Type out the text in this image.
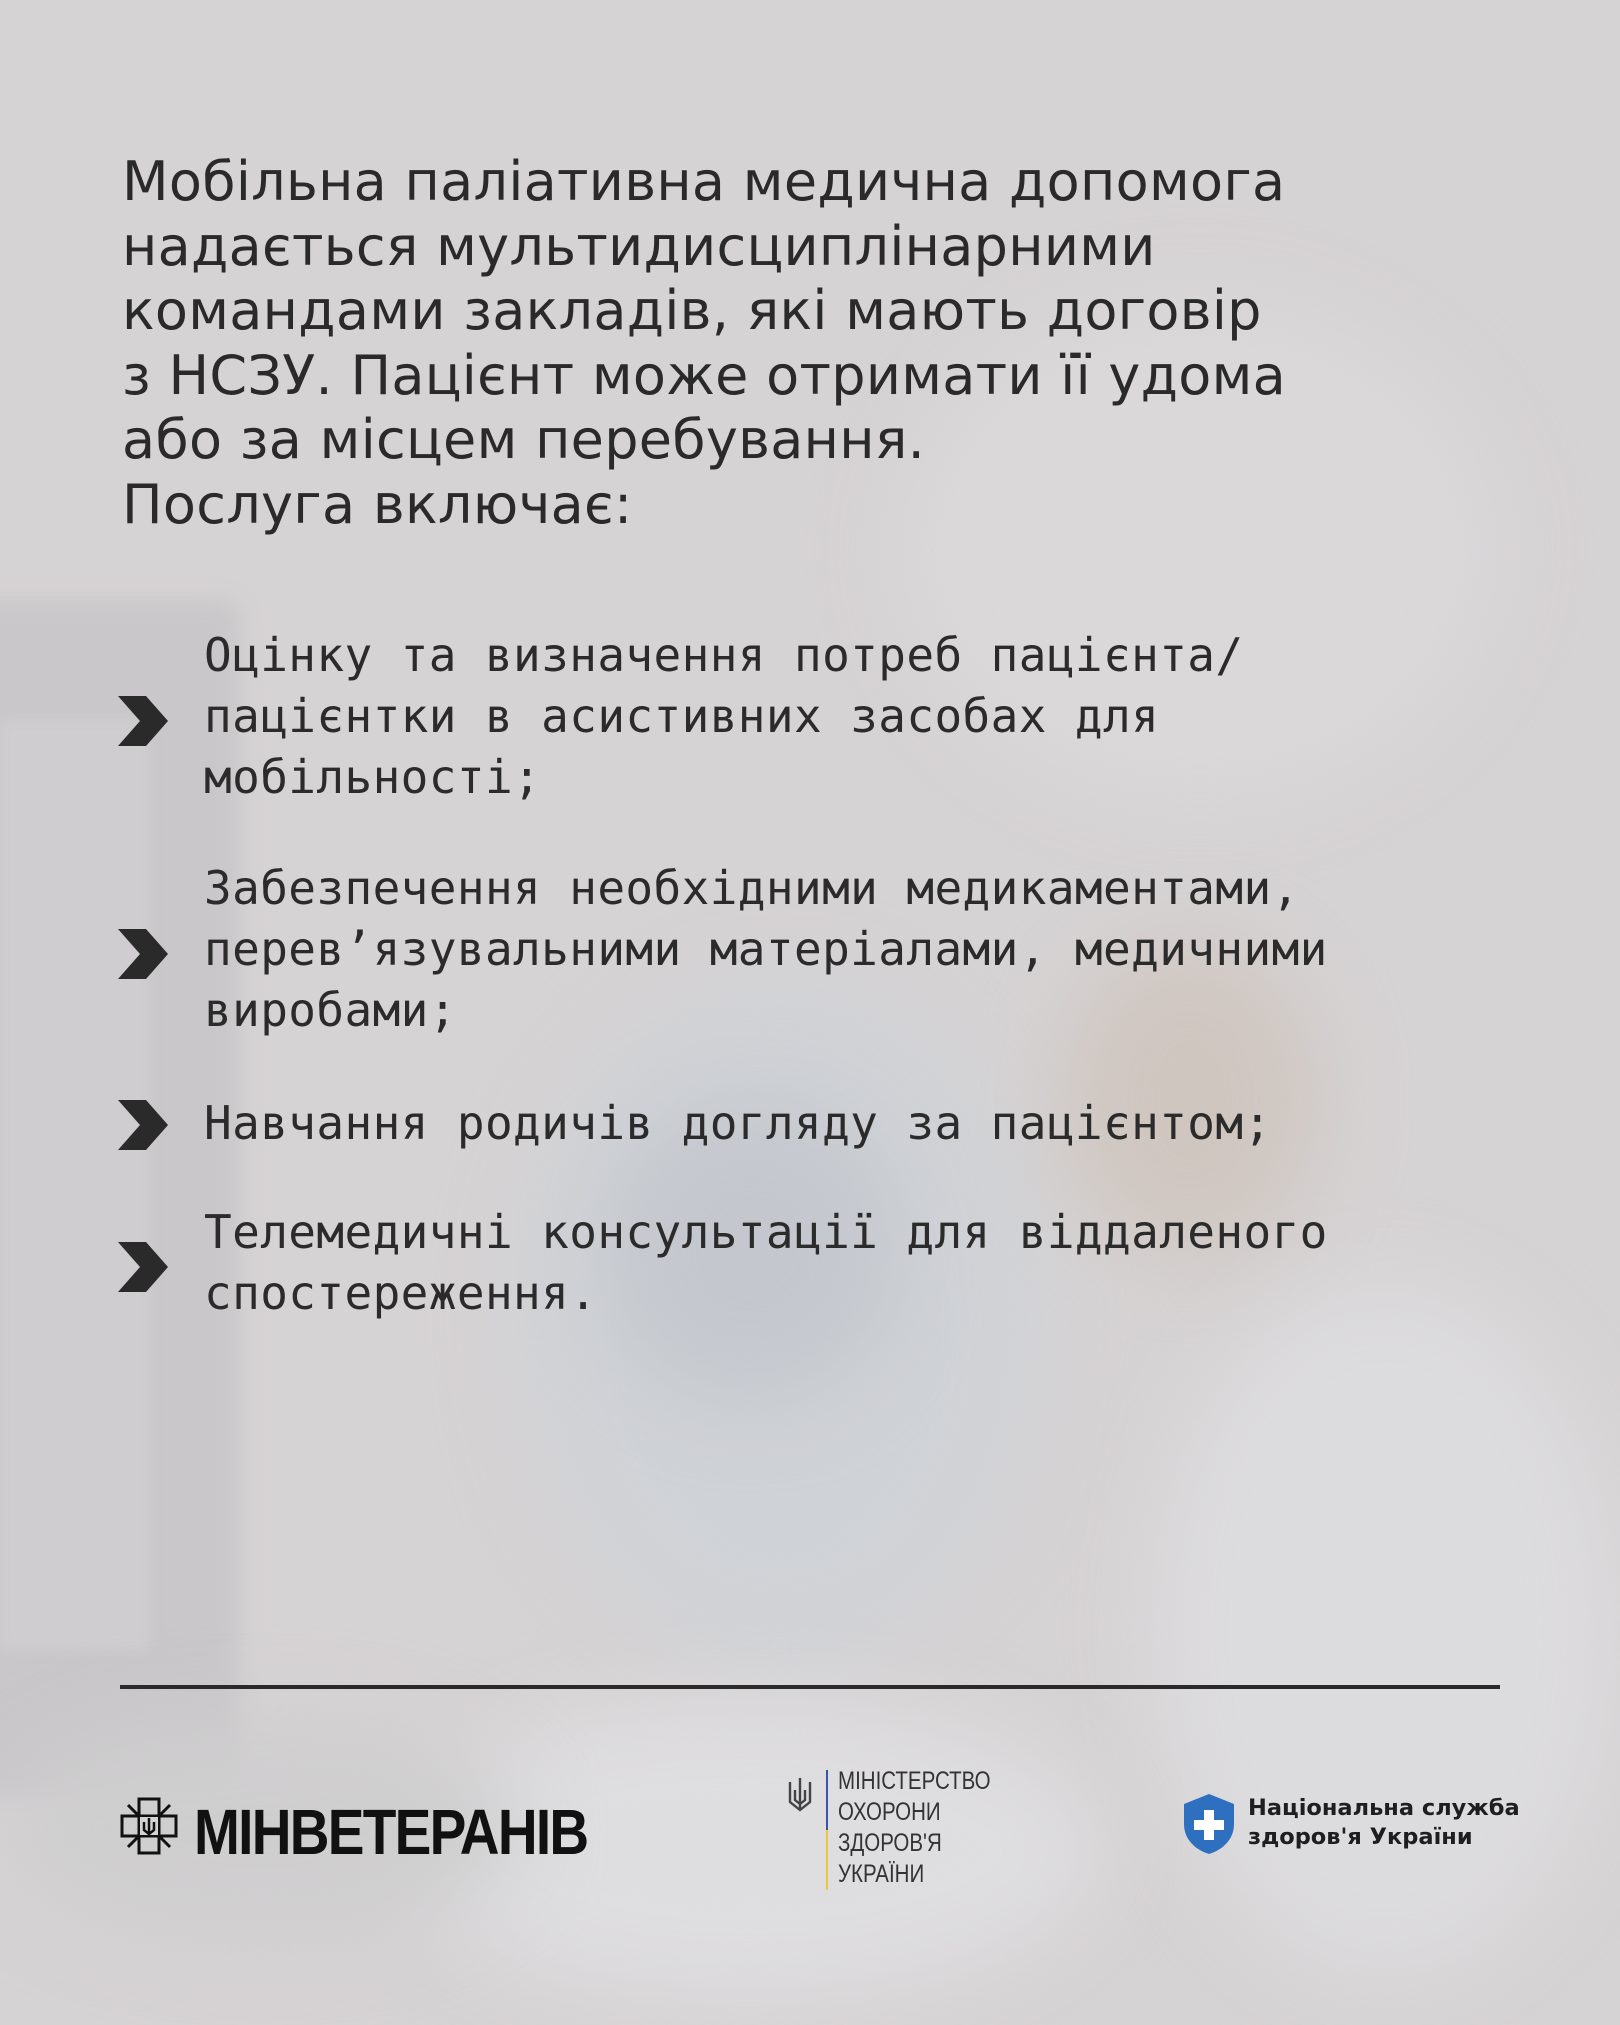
Мобільна паліативна медична допомога
надається мультидисциплінарними
командами закладів, які мають договір
з НСЗУ. Пацієнт може отримати її удома
або за місцем перебування.
Послуга включає:
Оцінку та визначення потреб пацієнта/
пацієнтки в асистивних засобах для
мобільності;
Забезпечення необхідними медикаментами,
перев’язувальними матеріалами, медичними
виробами;
Навчання родичів догляду за пацієнтом;
Телемедичні консультації для віддаленого
спостереження.
МІНВЕТЕРАНІВ
МІНІСТЕРСТВО
ОХОРОНИ
ЗДОРОВ'Я
УКРАЇНИ
Національна служба
здоров'я України
